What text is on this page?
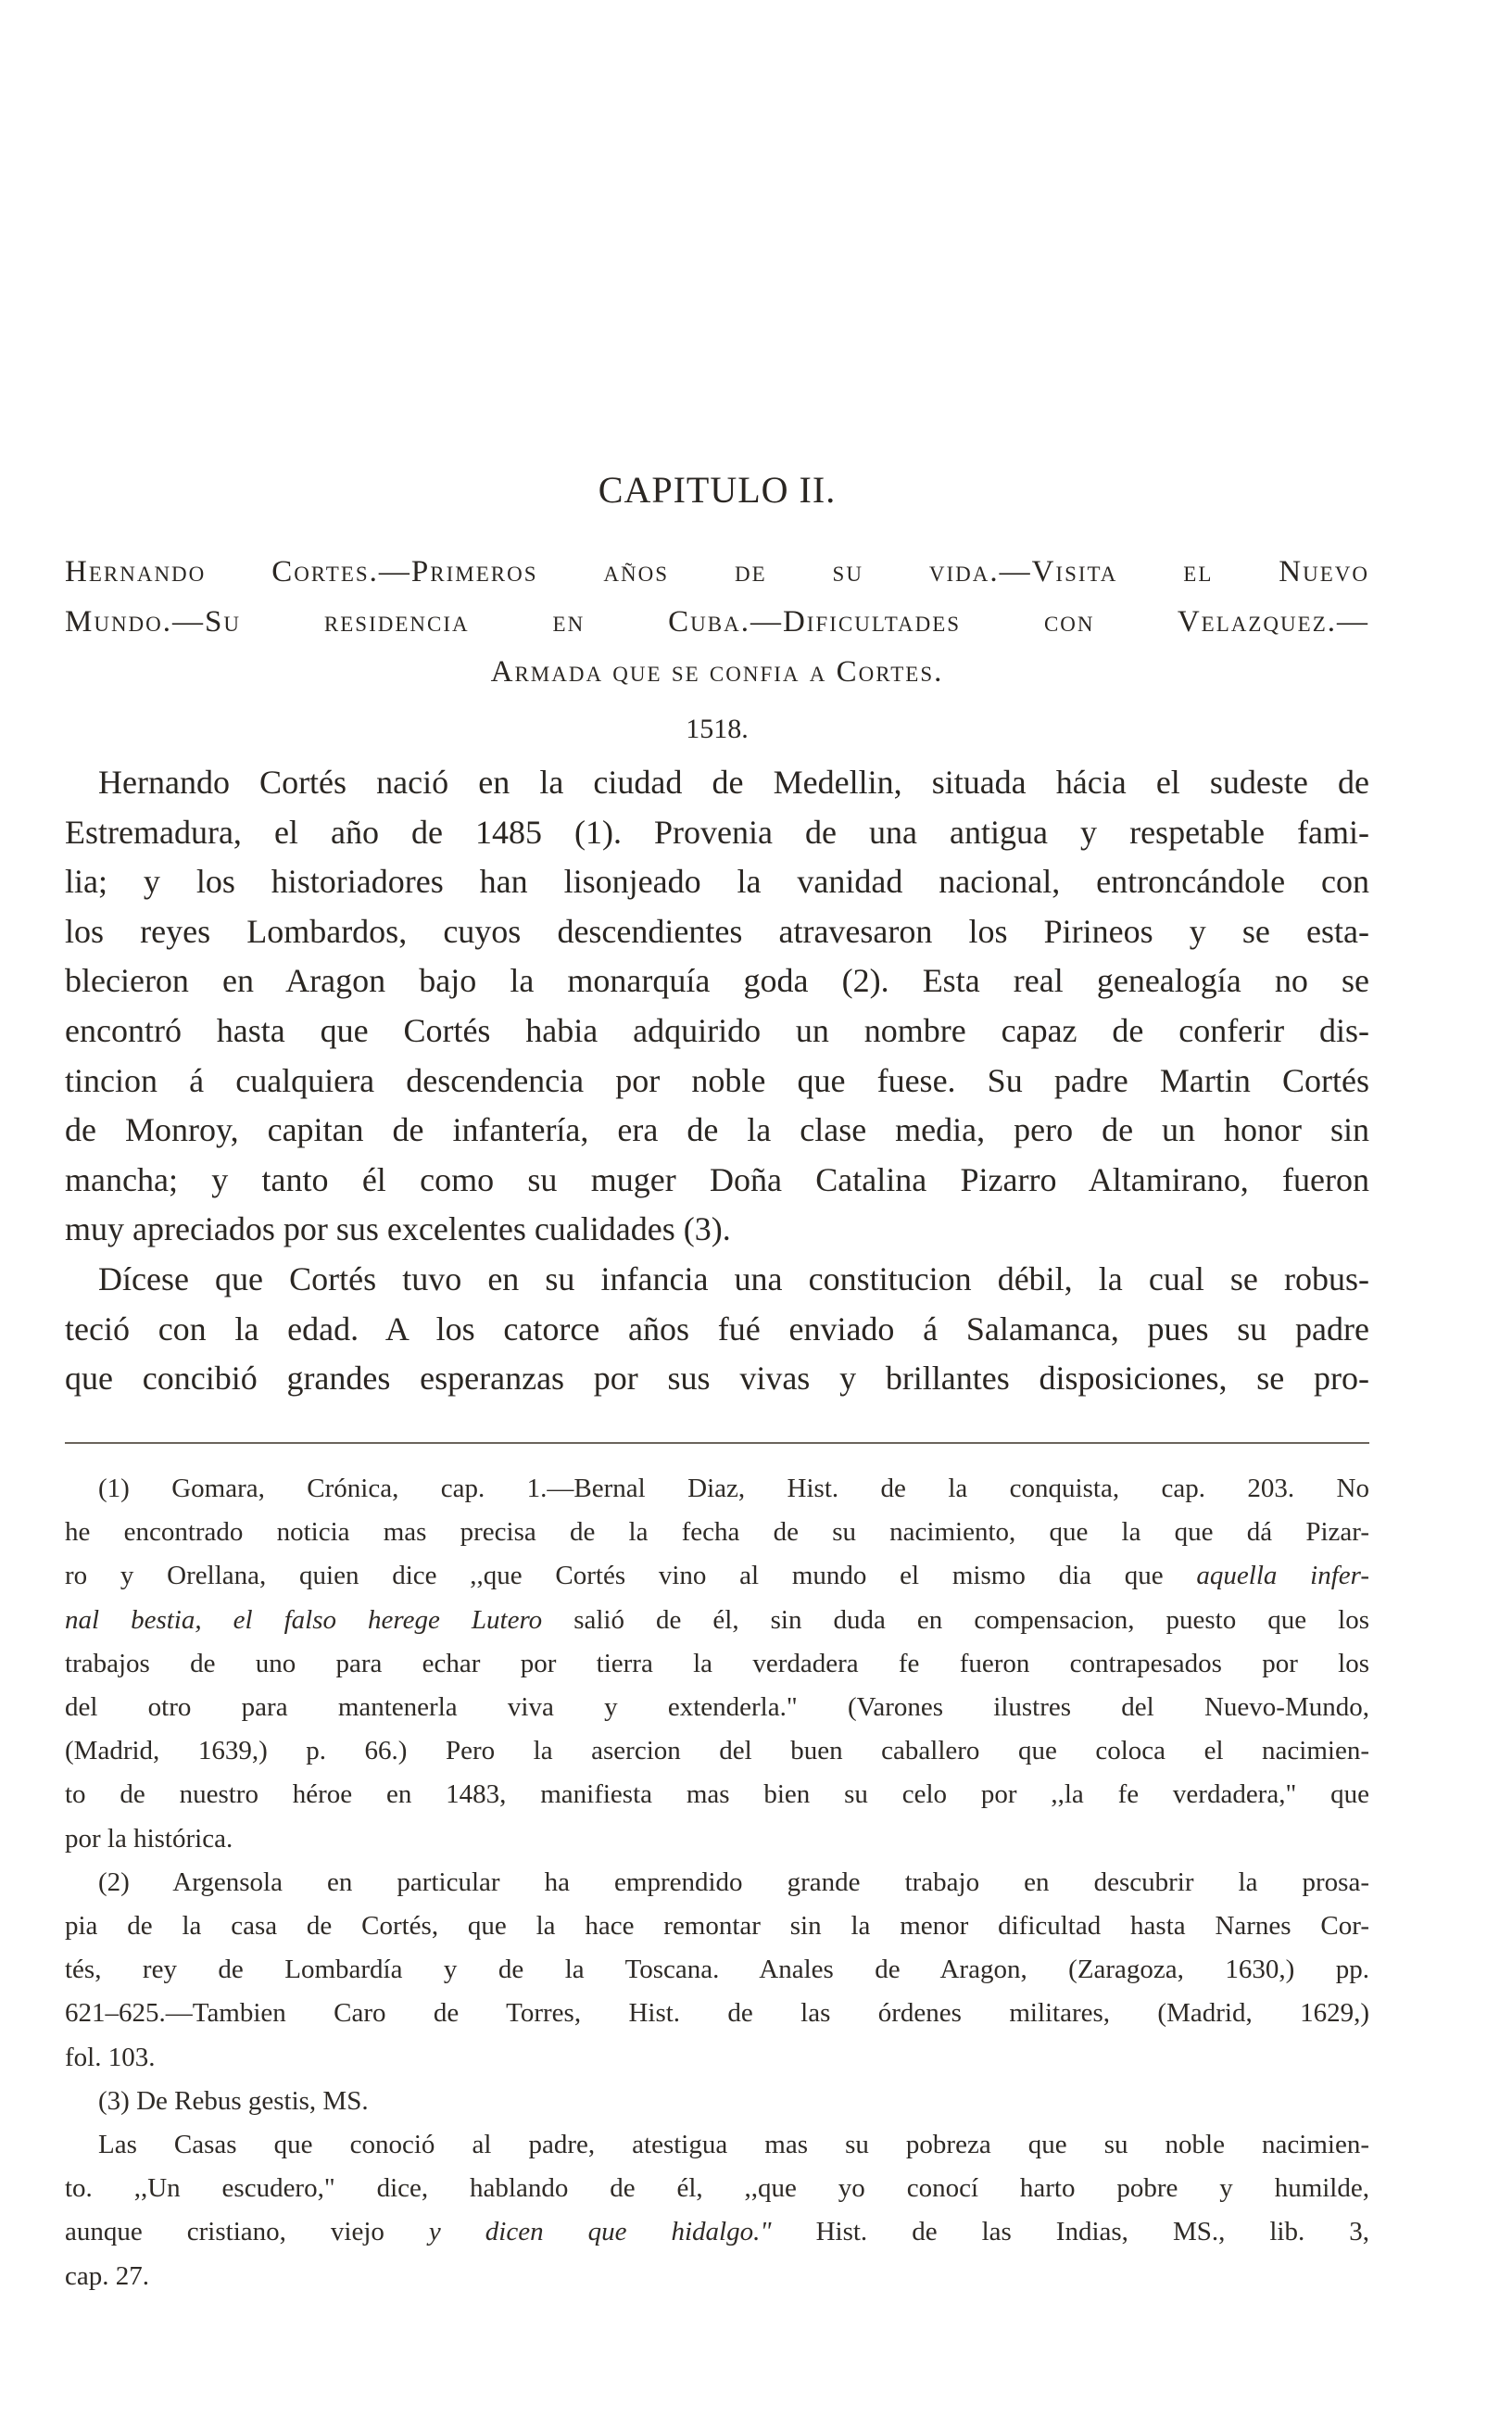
CAPITULO II.
Hernando Cortes.—Primeros años de su vida.—Visita el Nuevo
Mundo.—Su residencia en Cuba.—Dificultades con Velazquez.—
Armada que se confia a Cortes.
1518.
Hernando Cortés nació en la ciudad de Medellin, situada hácia el sudeste de
Estremadura, el año de 1485 (1). Provenia de una antigua y respetable fami-
lia; y los historiadores han lisonjeado la vanidad nacional, entroncándole con
los reyes Lombardos, cuyos descendientes atravesaron los Pirineos y se esta-
blecieron en Aragon bajo la monarquía goda (2). Esta real genealogía no se
encontró hasta que Cortés habia adquirido un nombre capaz de conferir dis-
tincion á cualquiera descendencia por noble que fuese. Su padre Martin Cortés
de Monroy, capitan de infantería, era de la clase media, pero de un honor sin
mancha; y tanto él como su muger Doña Catalina Pizarro Altamirano, fueron
muy apreciados por sus excelentes cualidades (3).
Dícese que Cortés tuvo en su infancia una constitucion débil, la cual se robus-
teció con la edad. A los catorce años fué enviado á Salamanca, pues su padre
que concibió grandes esperanzas por sus vivas y brillantes disposiciones, se pro-
(1) Gomara, Crónica, cap. 1.—Bernal Diaz, Hist. de la conquista, cap. 203. No
he encontrado noticia mas precisa de la fecha de su nacimiento, que la que dá Pizar-
ro y Orellana, quien dice ,,que Cortés vino al mundo el mismo dia que aquella infer-
nal bestia, el falso herege Lutero salió de él, sin duda en compensacion, puesto que los
trabajos de uno para echar por tierra la verdadera fe fueron contrapesados por los
del otro para mantenerla viva y extenderla." (Varones ilustres del Nuevo-Mundo,
(Madrid, 1639,) p. 66.) Pero la asercion del buen caballero que coloca el nacimien-
to de nuestro héroe en 1483, manifiesta mas bien su celo por ,,la fe verdadera," que
por la histórica.
(2) Argensola en particular ha emprendido grande trabajo en descubrir la prosa-
pia de la casa de Cortés, que la hace remontar sin la menor dificultad hasta Narnes Cor-
tés, rey de Lombardía y de la Toscana. Anales de Aragon, (Zaragoza, 1630,) pp.
621–625.—Tambien Caro de Torres, Hist. de las órdenes militares, (Madrid, 1629,)
fol. 103.
(3) De Rebus gestis, MS.
Las Casas que conoció al padre, atestigua mas su pobreza que su noble nacimien-
to. ,,Un escudero," dice, hablando de él, ,,que yo conocí harto pobre y humilde,
aunque cristiano, viejo y dicen que hidalgo." Hist. de las Indias, MS., lib. 3,
cap. 27.
